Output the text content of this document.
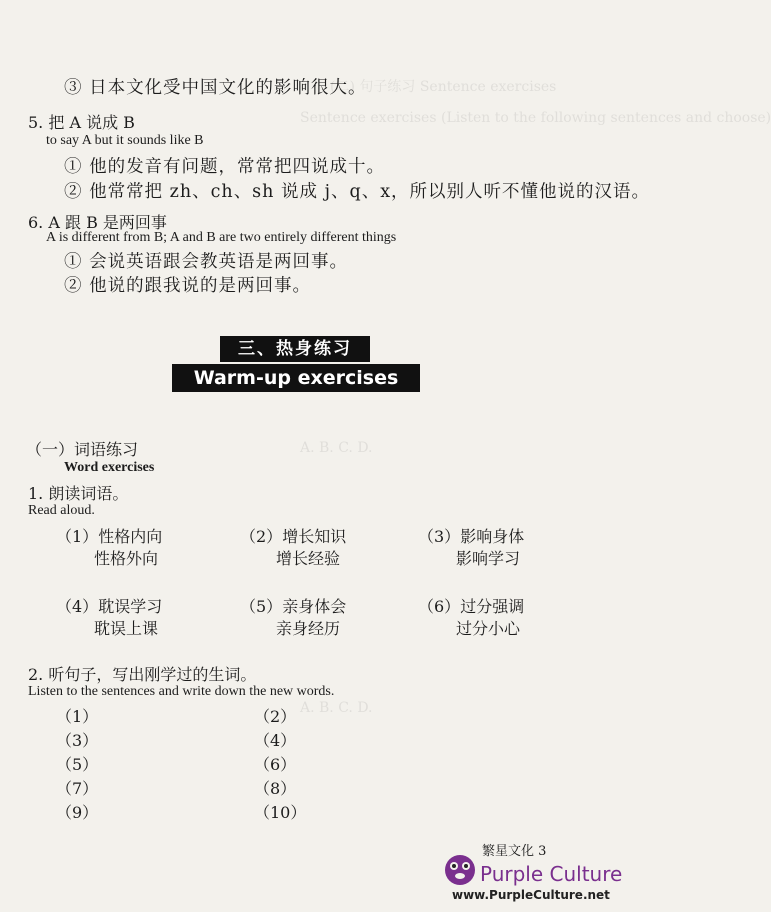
(二) 句子练习 Sentence exercises
Sentence exercises (Listen to the following sentences and choose)
A. B. C. D.
A. B. C. D.
③ 日本文化受中国文化的影响很大。
5. 把 A 说成 B
to say A but it sounds like B
① 他的发音有问题，常常把四说成十。
② 他常常把 zh、ch、sh 说成 j、q、x，所以别人听不懂他说的汉语。
6. A 跟 B 是两回事
A is different from B; A and B are two entirely different things
① 会说英语跟会教英语是两回事。
② 他说的跟我说的是两回事。
三、热身练习
Warm-up exercises
（一）词语练习
Word exercises
1. 朗读词语。
Read aloud.
（1）性格内向
性格外向
（2）增长知识
增长经验
（3）影响身体
影响学习
（4）耽误学习
耽误上课
（5）亲身体会
亲身经历
（6）过分强调
过分小心
2. 听句子，写出刚学过的生词。
Listen to the sentences and write down the new words.
（1）	（2）
（3）	（4）
（5）	（6）
（7）	（8）
（9）	（10）
繁星文化 3
Purple Culture
www.PurpleCulture.net
